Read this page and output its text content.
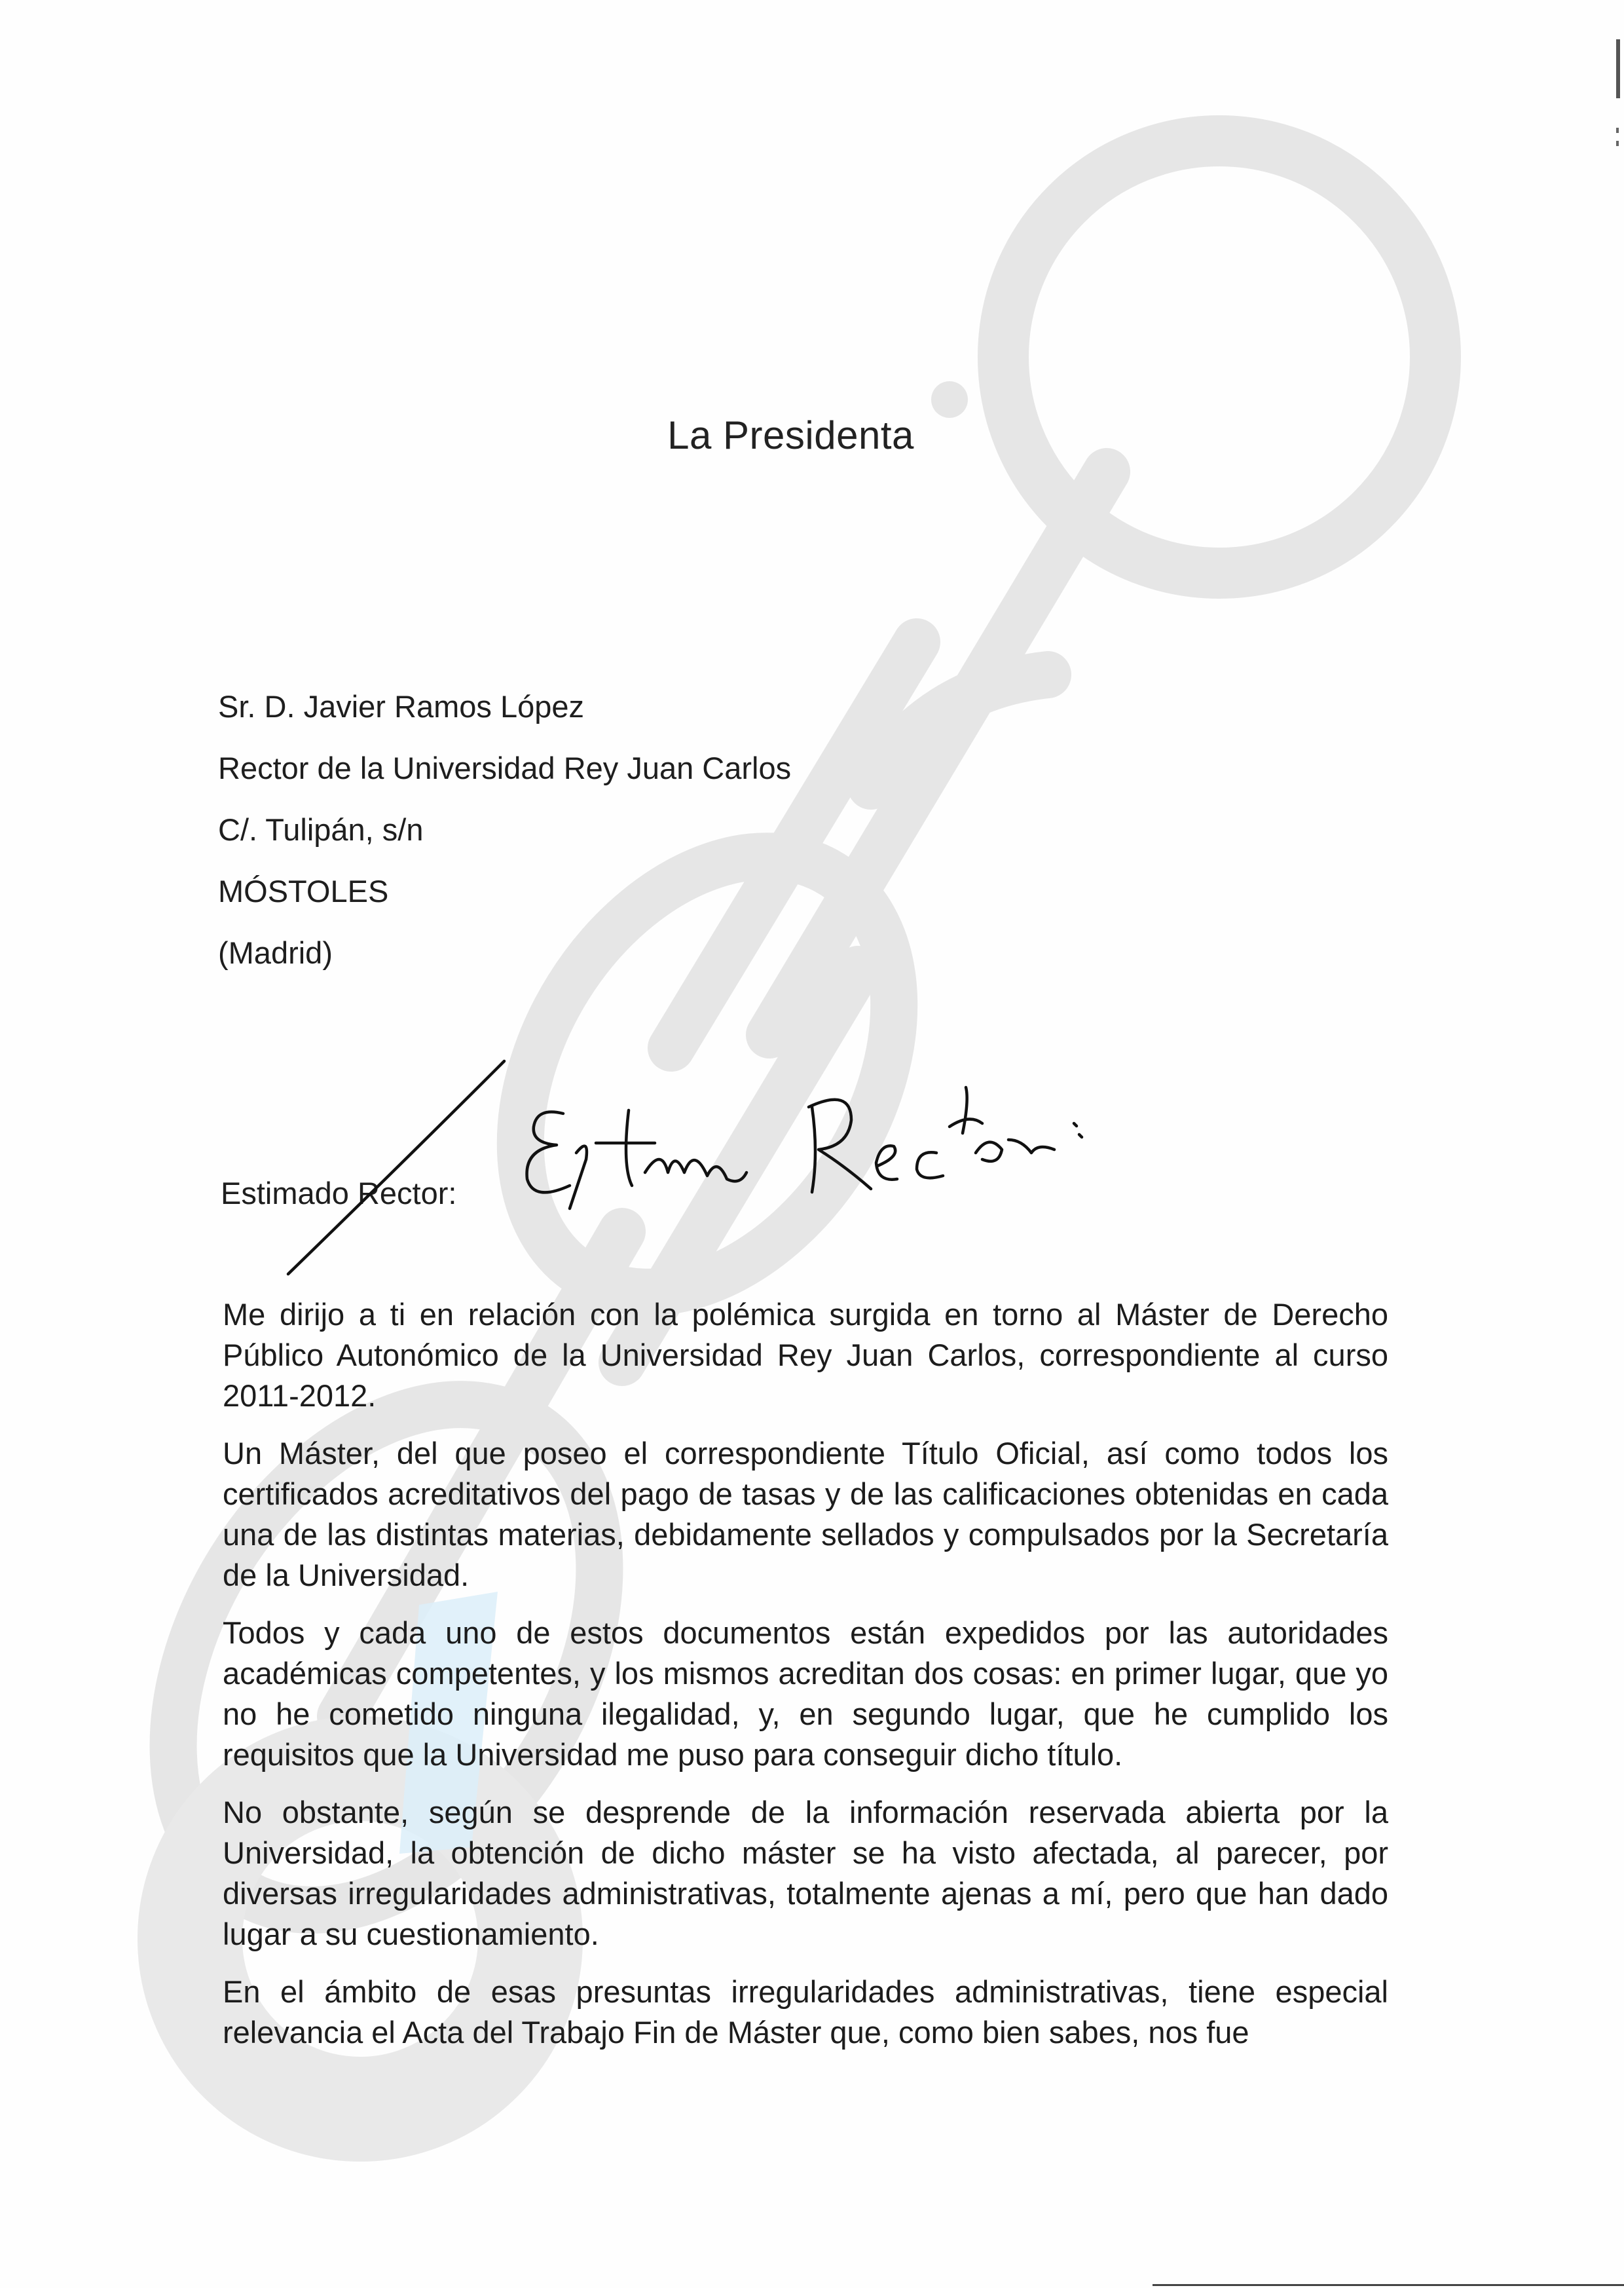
La Presidenta
Sr. D. Javier Ramos López
Rector de la Universidad Rey Juan Carlos
C/. Tulipán, s/n
MÓSTOLES
(Madrid)
Estimado Rector:

Me dirijo a ti en relación con la polémica surgida en torno al Máster de Derecho Público Autonómico de la Universidad Rey Juan Carlos, correspondiente al curso 2011-2012.

Un Máster, del que poseo el correspondiente Título Oficial, así como todos los certificados acreditativos del pago de tasas y de las calificaciones obtenidas en cada una de las distintas materias, debidamente sellados y compulsados por la Secretaría de la Universidad.

Todos y cada uno de estos documentos están expedidos por las autoridades académicas competentes, y los mismos acreditan dos cosas: en primer lugar, que yo no he cometido ninguna ilegalidad, y, en segundo lugar, que he cumplido los requisitos que la Universidad me puso para conseguir dicho título.

No obstante, según se desprende de la información reservada abierta por la Universidad, la obtención de dicho máster se ha visto afectada, al parecer, por diversas irregularidades administrativas, totalmente ajenas a mí, pero que han dado lugar a su cuestionamiento.

En el ámbito de esas presuntas irregularidades administrativas, tiene especial relevancia el Acta del Trabajo Fin de Máster que, como bien sabes, nos fue
